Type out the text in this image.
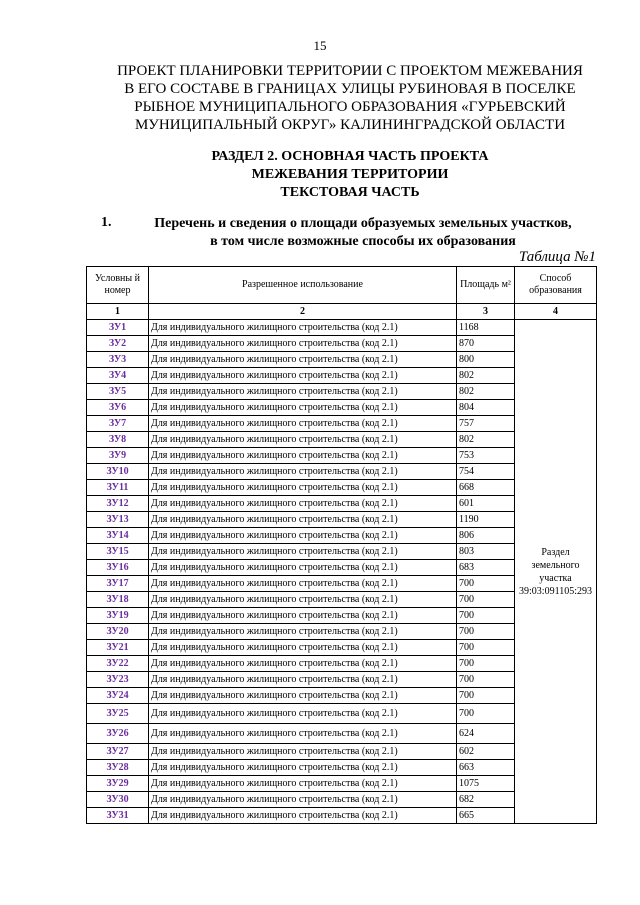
15
ПРОЕКТ ПЛАНИРОВКИ ТЕРРИТОРИИ С ПРОЕКТОМ МЕЖЕВАНИЯ
В ЕГО СОСТАВЕ В ГРАНИЦАХ УЛИЦЫ РУБИНОВАЯ В ПОСЕЛКЕ
РЫБНОЕ МУНИЦИПАЛЬНОГО ОБРАЗОВАНИЯ «ГУРЬЕВСКИЙ
МУНИЦИПАЛЬНЫЙ ОКРУГ» КАЛИНИНГРАДСКОЙ ОБЛАСТИ
РАЗДЕЛ 2. ОСНОВНАЯ ЧАСТЬ ПРОЕКТА
МЕЖЕВАНИЯ ТЕРРИТОРИИ
ТЕКСТОВАЯ ЧАСТЬ
1.	Перечень и сведения о площади образуемых земельных участков,
в том числе возможные способы их образования
Таблица №1
Условны й номер	Разрешенное использование	Площадь м²	Способ образования
1	2	3	4
ЗУ1	Для индивидуального жилищного строительства (код 2.1)	1168	Раздел земельного участка 39:03:091105:293
ЗУ2	Для индивидуального жилищного строительства (код 2.1)	870	
ЗУ3	Для индивидуального жилищного строительства (код 2.1)	800	
ЗУ4	Для индивидуального жилищного строительства (код 2.1)	802	
ЗУ5	Для индивидуального жилищного строительства (код 2.1)	802	
ЗУ6	Для индивидуального жилищного строительства (код 2.1)	804	
ЗУ7	Для индивидуального жилищного строительства (код 2.1)	757	
ЗУ8	Для индивидуального жилищного строительства (код 2.1)	802	
ЗУ9	Для индивидуального жилищного строительства (код 2.1)	753	
ЗУ10	Для индивидуального жилищного строительства (код 2.1)	754	
ЗУ11	Для индивидуального жилищного строительства (код 2.1)	668	
ЗУ12	Для индивидуального жилищного строительства (код 2.1)	601	
ЗУ13	Для индивидуального жилищного строительства (код 2.1)	1190	
ЗУ14	Для индивидуального жилищного строительства (код 2.1)	806	
ЗУ15	Для индивидуального жилищного строительства (код 2.1)	803	
ЗУ16	Для индивидуального жилищного строительства (код 2.1)	683	
ЗУ17	Для индивидуального жилищного строительства (код 2.1)	700	
ЗУ18	Для индивидуального жилищного строительства (код 2.1)	700	
ЗУ19	Для индивидуального жилищного строительства (код 2.1)	700	
ЗУ20	Для индивидуального жилищного строительства (код 2.1)	700	
ЗУ21	Для индивидуального жилищного строительства (код 2.1)	700	
ЗУ22	Для индивидуального жилищного строительства (код 2.1)	700	
ЗУ23	Для индивидуального жилищного строительства (код 2.1)	700	
ЗУ24	Для индивидуального жилищного строительства (код 2.1)	700	
ЗУ25	Для индивидуального жилищного строительства (код 2.1)	700	
ЗУ26	Для индивидуального жилищного строительства (код 2.1)	624	
ЗУ27	Для индивидуального жилищного строительства (код 2.1)	602	
ЗУ28	Для индивидуального жилищного строительства (код 2.1)	663	
ЗУ29	Для индивидуального жилищного строительства (код 2.1)	1075	
ЗУ30	Для индивидуального жилищного строительства (код 2.1)	682	
ЗУ31	Для индивидуального жилищного строительства (код 2.1)	665	
